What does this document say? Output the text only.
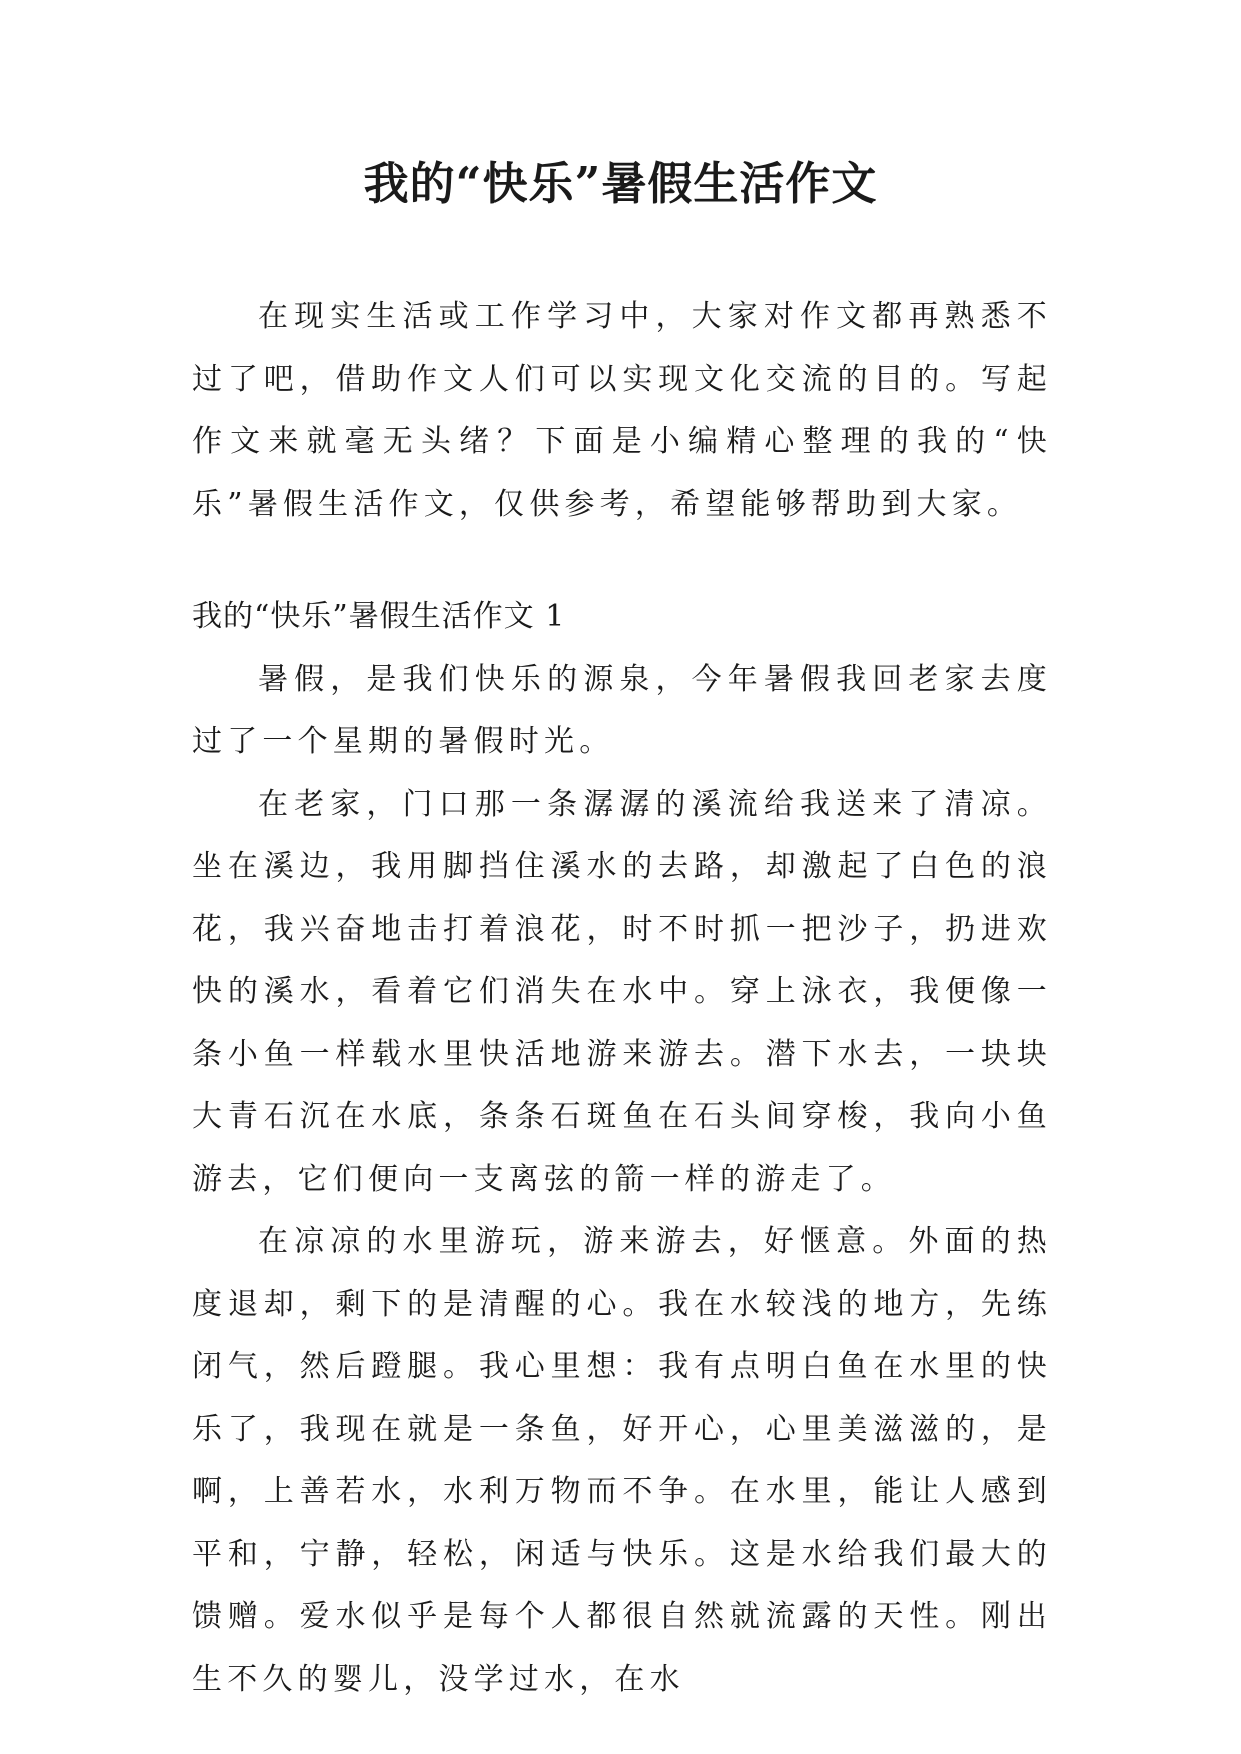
我的“快乐”暑假生活作文

在现实生活或工作学习中，大家对作文都再熟悉不过了吧，借助作文人们可以实现文化交流的目的。写起作文来就毫无头绪？下面是小编精心整理的我的“快乐”暑假生活作文，仅供参考，希望能够帮助到大家。

我的“快乐”暑假生活作文 1

暑假，是我们快乐的源泉，今年暑假我回老家去度过了一个星期的暑假时光。

在老家，门口那一条潺潺的溪流给我送来了清凉。坐在溪边，我用脚挡住溪水的去路，却激起了白色的浪花，我兴奋地击打着浪花，时不时抓一把沙子，扔进欢快的溪水，看着它们消失在水中。穿上泳衣，我便像一条小鱼一样载水里快活地游来游去。潜下水去，一块块大青石沉在水底，条条石斑鱼在石头间穿梭，我向小鱼游去，它们便向一支离弦的箭一样的游走了。

在凉凉的水里游玩，游来游去，好惬意。外面的热度退却，剩下的是清醒的心。我在水较浅的地方，先练闭气，然后蹬腿。我心里想：我有点明白鱼在水里的快乐了，我现在就是一条鱼，好开心，心里美滋滋的，是啊，上善若水，水利万物而不争。在水里，能让人感到平和，宁静，轻松，闲适与快乐。这是水给我们最大的馈赠。爱水似乎是每个人都很自然就流露的天性。刚出生不久的婴儿，没学过水，在水
